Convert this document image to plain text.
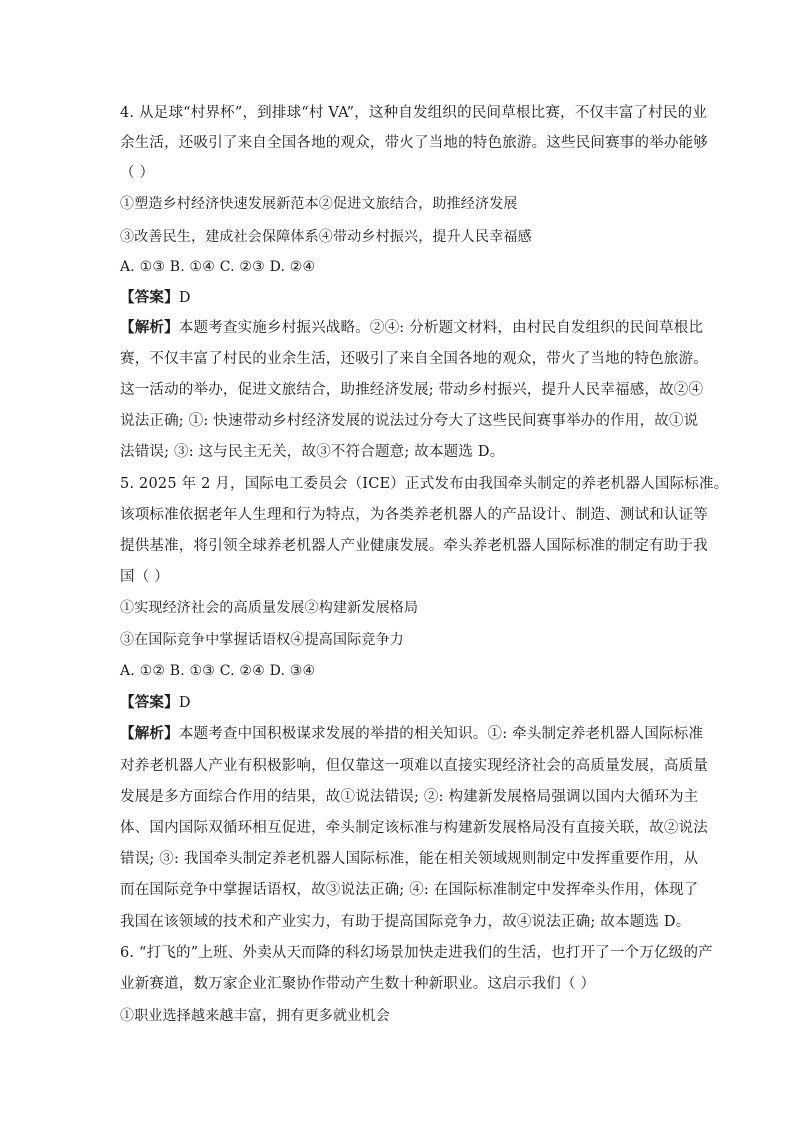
4. 从足球“村界杯”，到排球“村 VA”，这种自发组织的民间草根比赛，不仅丰富了村民的业
余生活，还吸引了来自全国各地的观众，带火了当地的特色旅游。这些民间赛事的举办能够
（ ）
①塑造乡村经济快速发展新范本②促进文旅结合，助推经济发展
③改善民生，建成社会保障体系④带动乡村振兴，提升人民幸福感
A. ①③ B. ①④ C. ②③ D. ②④
【答案】D
【解析】本题考查实施乡村振兴战略。②④: 分析题文材料，由村民自发组织的民间草根比
赛，不仅丰富了村民的业余生活，还吸引了来自全国各地的观众，带火了当地的特色旅游。
这一活动的举办，促进文旅结合，助推经济发展; 带动乡村振兴，提升人民幸福感，故②④
说法正确; ①: 快速带动乡村经济发展的说法过分夸大了这些民间赛事举办的作用，故①说
法错误; ③: 这与民主无关，故③不符合题意; 故本题选 D。
5. 2025 年 2 月，国际电工委员会（ICE）正式发布由我国牵头制定的养老机器人国际标准。
该项标准依据老年人生理和行为特点，为各类养老机器人的产品设计、制造、测试和认证等
提供基准，将引领全球养老机器人产业健康发展。牵头养老机器人国际标准的制定有助于我
国（ ）
①实现经济社会的高质量发展②构建新发展格局
③在国际竞争中掌握话语权④提高国际竞争力
A. ①② B. ①③ C. ②④ D. ③④
【答案】D
【解析】本题考查中国积极谋求发展的举措的相关知识。①: 牵头制定养老机器人国际标准
对养老机器人产业有积极影响，但仅靠这一项难以直接实现经济社会的高质量发展，高质量
发展是多方面综合作用的结果，故①说法错误; ②: 构建新发展格局强调以国内大循环为主
体、国内国际双循环相互促进，牵头制定该标准与构建新发展格局没有直接关联，故②说法
错误; ③: 我国牵头制定养老机器人国际标准，能在相关领域规则制定中发挥重要作用，从
而在国际竞争中掌握话语权，故③说法正确; ④: 在国际标准制定中发挥牵头作用，体现了
我国在该领域的技术和产业实力，有助于提高国际竞争力，故④说法正确; 故本题选 D。
6. “打飞的”上班、外卖从天而降的科幻场景加快走进我们的生活，也打开了一个万亿级的产
业新赛道，数万家企业汇聚协作带动产生数十种新职业。这启示我们（ ）
①职业选择越来越丰富，拥有更多就业机会
